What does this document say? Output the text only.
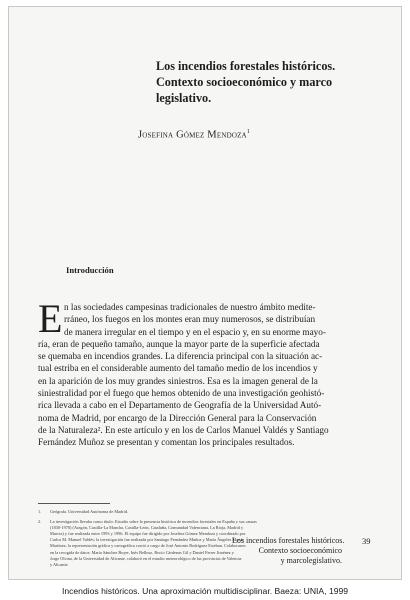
Los incendios forestales históricos.
Contexto socioeconómico y marco
legislativo.
Josefina Gómez Mendoza$^1$
Introducción
E n las sociedades campesinas tradicionales de nuestro ámbito medite-
rráneo, los fuegos en los montes eran muy numerosos, se distribuían
de manera irregular en el tiempo y en el espacio y, en su enorme mayo-
ría, eran de pequeño tamaño, aunque la mayor parte de la superficie afectada
se quemaba en incendios grandes. La diferencia principal con la situación ac-
tual estriba en el considerable aumento del tamaño medio de los incendios y
en la aparición de los muy grandes siniestros. Esa es la imagen general de la
siniestralidad por el fuego que hemos obtenido de una investigación geohistó-
rica llevada a cabo en el Departamento de Geografía de la Universidad Autó-
noma de Madrid, por encargo de la Dirección General para la Conservación
de la Naturaleza². En este artículo y en los de Carlos Manuel Valdés y Santiago
Fernández Muñoz se presentan y comentan los principales resultados.
1.	Geógrafa. Universidad Autónoma de Madrid.
2.	La investigación llevaba como título: Estudio sobre la presencia histórica de incendios forestales en España y sus causas
(1830-1970) (Aragón, Castilla-La Mancha, Castilla-León, Cataluña, Comunidad Valenciana, La Rioja, Madrid y
Murcia) y fue realizada entre 1993 y 1996. El equipo fue dirigido por Josefina Gómez Mendoza y coordinado por
Carlos M. Manuel Valdés; la investigación fue realizada por Santiago Fernández Muñoz y María Ángeles Martín
Martínez; la representación gráfica y cartográfica corrió a cargo de José Antonio Rodríguez Esteban. Colaboraron
en la recogida de datos: María Sánchez Boyer, Inés Belloso, Rocío Cárdenas Gil y Daniel Ferrer Jiménez y
Jorge Olcina, de la Universidad de Alicante, colaboró en el estudio meteorológico de las provincias de Valencia
y Alicante.
Los incendios forestales históricos.
Contexto socioeconómico
y marcolegislativo.
39
Incendios históricos. Una aproximación multidisciplinar. Baeza: UNIA, 1999
